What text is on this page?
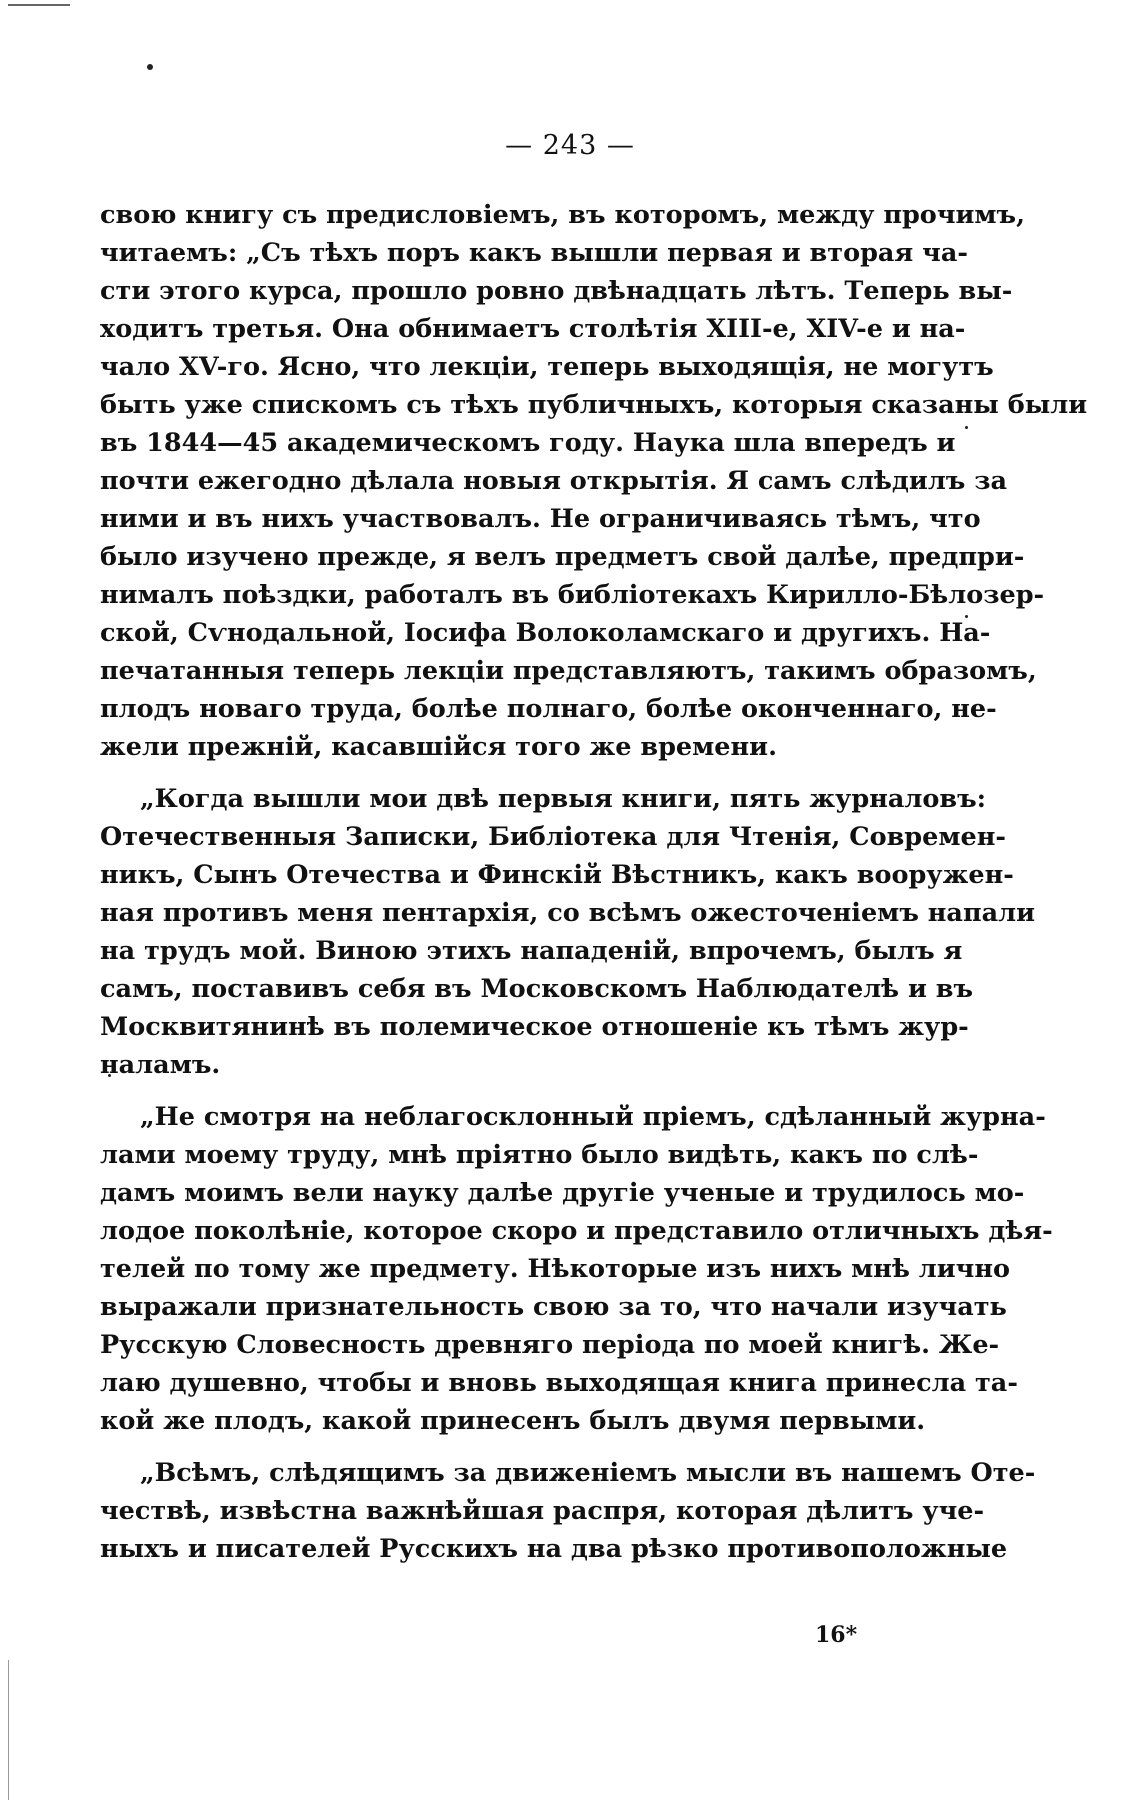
— 243 —
свою книгу съ предисловіемъ, въ которомъ, между прочимъ,
читаемъ: „Съ тѣхъ поръ какъ вышли первая и вторая ча-
сти этого курса, прошло ровно двѣнадцать лѣтъ. Теперь вы-
ходитъ третья. Она обнимаетъ столѣтія XIII-е, XIV-е и на-
чало XV-го. Ясно, что лекціи, теперь выходящія, не могутъ
быть уже спискомъ съ тѣхъ публичныхъ, которыя сказаны были
въ 1844—45 академическомъ году. Наука шла впередъ и
почти ежегодно дѣлала новыя открытія. Я самъ слѣдилъ за
ними и въ нихъ участвовалъ. Не ограничиваясь тѣмъ, что
было изучено прежде, я велъ предметъ свой далѣе, предпри-
нималъ поѣздки, работалъ въ библіотекахъ Кирилло-Бѣлозер-
ской, Сѵнодальной, Іосифа Волоколамскаго и другихъ. На-
печатанныя теперь лекціи представляютъ, такимъ образомъ,
плодъ новаго труда, болѣе полнаго, болѣе оконченнаго, не-
жели прежній, касавшійся того же времени.
„Когда вышли мои двѣ первыя книги, пять журналовъ:
Отечественныя Записки, Библіотека для Чтенія, Современ-
никъ, Сынъ Отечества и Финскій Вѣстникъ, какъ вооружен-
ная противъ меня пентархія, со всѣмъ ожесточеніемъ напали
на трудъ мой. Виною этихъ нападеній, впрочемъ, былъ я
самъ, поставивъ себя въ Московскомъ Наблюдателѣ и въ
Москвитянинѣ въ полемическое отношеніе къ тѣмъ жур-
наламъ.
„Не смотря на неблагосклонный пріемъ, сдѣланный журна-
лами моему труду, мнѣ пріятно было видѣть, какъ по слѣ-
дамъ моимъ вели науку далѣе другіе ученые и трудилось мо-
лодое поколѣніе, которое скоро и представило отличныхъ дѣя-
телей по тому же предмету. Нѣкоторые изъ нихъ мнѣ лично
выражали признательность свою за то, что начали изучать
Русскую Словесность древняго періода по моей книгѣ. Же-
лаю душевно, чтобы и вновь выходящая книга принесла та-
кой же плодъ, какой принесенъ былъ двумя первыми.
„Всѣмъ, слѣдящимъ за движеніемъ мысли въ нашемъ Оте-
чествѣ, извѣстна важнѣйшая распря, которая дѣлитъ уче-
ныхъ и писателей Русскихъ на два рѣзко противоположные
16*
